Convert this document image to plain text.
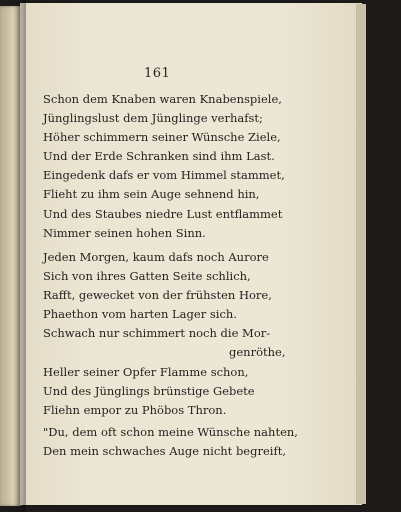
161

Schon dem Knaben waren Knabenspiele,
Jünglingslust dem Jünglinge verhafst;
Höher schimmern seiner Wünsche Ziele,
Und der Erde Schranken sind ihm Last.
Eingedenk dafs er vom Himmel stammet,
Flieht zu ihm sein Auge sehnend hin,
Und des Staubes niedre Lust entflammet
Nimmer seinen hohen Sinn.
Jeden Morgen, kaum dafs noch Aurore
Sich von ihres Gatten Seite schlich,
Rafft, gewecket von der frühsten Hore,
Phaethon vom harten Lager sich.
Schwach nur schimmert noch die Mor-
genröthe,
Heller seiner Opfer Flamme schon,
Und des Jünglings brünstige Gebete
Fliehn empor zu Phöbos Thron.
"Du, dem oft schon meine Wünsche nahten,
Den mein schwaches Auge nicht begreift,
